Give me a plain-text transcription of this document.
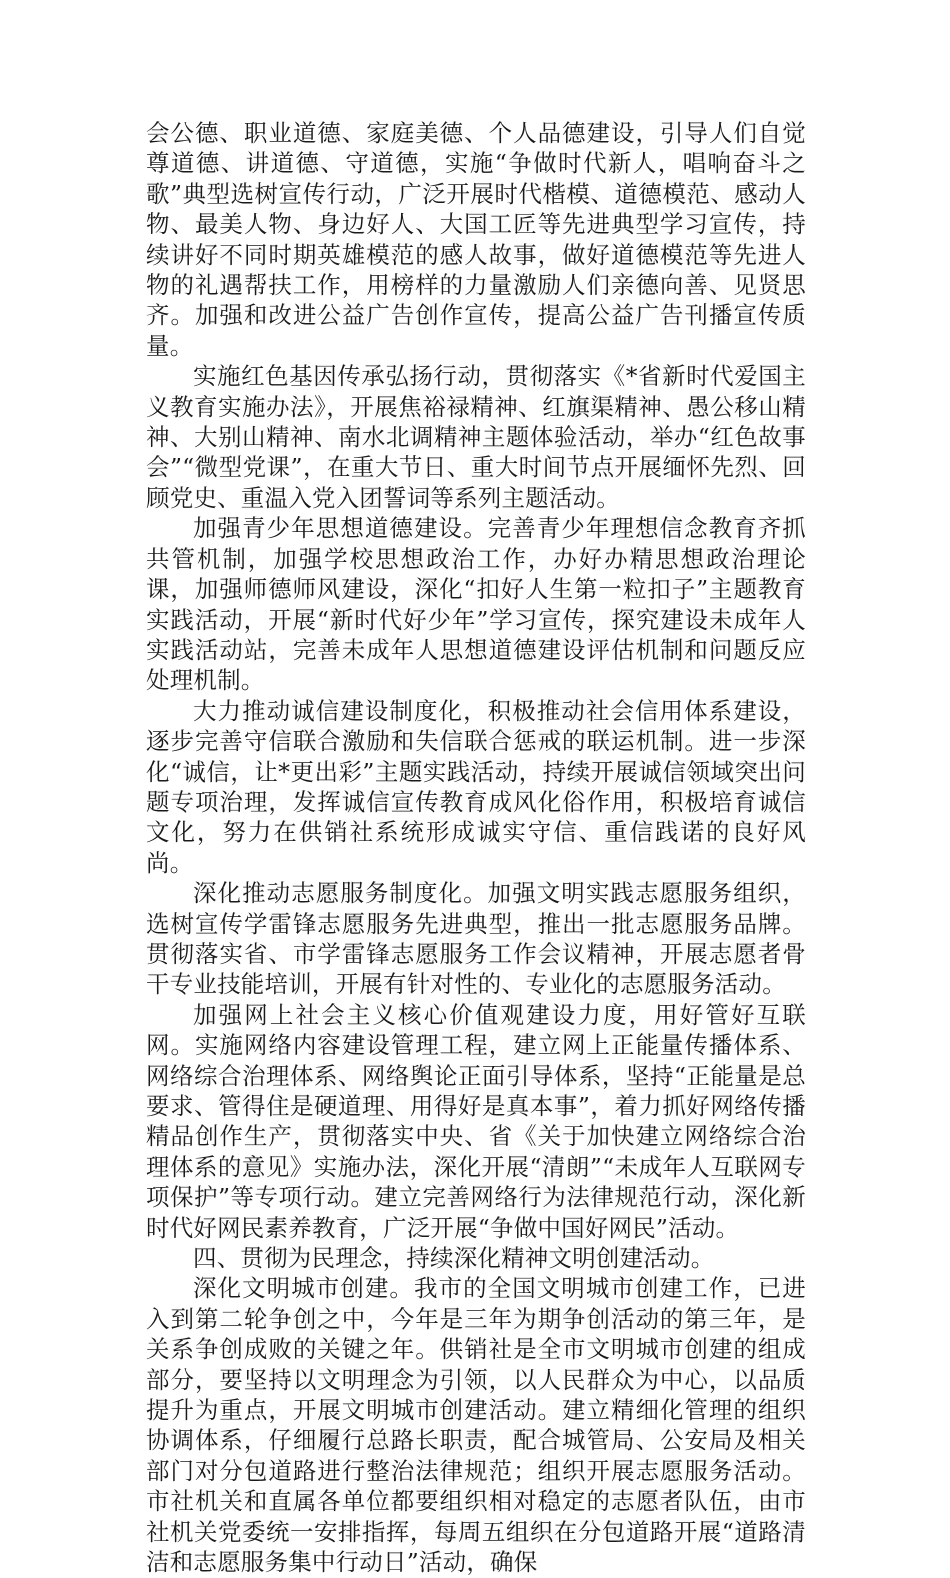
会公德、职业道德、家庭美德、个人品德建设，引导人们自觉尊道德、讲道德、守道德，实施“争做时代新人，唱响奋斗之歌”典型选树宣传行动，广泛开展时代楷模、道德模范、感动人物、最美人物、身边好人、大国工匠等先进典型学习宣传，持续讲好不同时期英雄模范的感人故事，做好道德模范等先进人物的礼遇帮扶工作，用榜样的力量激励人们亲德向善、见贤思齐。加强和改进公益广告创作宣传，提高公益广告刊播宣传质量。

实施红色基因传承弘扬行动，贯彻落实《*省新时代爱国主义教育实施办法》，开展焦裕禄精神、红旗渠精神、愚公移山精神、大别山精神、南水北调精神主题体验活动，举办“红色故事会”“微型党课”，在重大节日、重大时间节点开展缅怀先烈、回顾党史、重温入党入团誓词等系列主题活动。

加强青少年思想道德建设。完善青少年理想信念教育齐抓共管机制，加强学校思想政治工作，办好办精思想政治理论课，加强师德师风建设，深化“扣好人生第一粒扣子”主题教育实践活动，开展“新时代好少年”学习宣传，探究建设未成年人实践活动站，完善未成年人思想道德建设评估机制和问题反应处理机制。

大力推动诚信建设制度化，积极推动社会信用体系建设，逐步完善守信联合激励和失信联合惩戒的联运机制。进一步深化“诚信，让*更出彩”主题实践活动，持续开展诚信领域突出问题专项治理，发挥诚信宣传教育成风化俗作用，积极培育诚信文化，努力在供销社系统形成诚实守信、重信践诺的良好风尚。

深化推动志愿服务制度化。加强文明实践志愿服务组织，选树宣传学雷锋志愿服务先进典型，推出一批志愿服务品牌。贯彻落实省、市学雷锋志愿服务工作会议精神，开展志愿者骨干专业技能培训，开展有针对性的、专业化的志愿服务活动。

加强网上社会主义核心价值观建设力度，用好管好互联网。实施网络内容建设管理工程，建立网上正能量传播体系、网络综合治理体系、网络舆论正面引导体系，坚持“正能量是总要求、管得住是硬道理、用得好是真本事”，着力抓好网络传播精品创作生产，贯彻落实中央、省《关于加快建立网络综合治理体系的意见》实施办法，深化开展“清朗”“未成年人互联网专项保护”等专项行动。建立完善网络行为法律规范行动，深化新时代好网民素养教育，广泛开展“争做中国好网民”活动。

四、贯彻为民理念，持续深化精神文明创建活动。

深化文明城市创建。我市的全国文明城市创建工作，已进入到第二轮争创之中，今年是三年为期争创活动的第三年，是关系争创成败的关键之年。供销社是全市文明城市创建的组成部分，要坚持以文明理念为引领，以人民群众为中心，以品质提升为重点，开展文明城市创建活动。建立精细化管理的组织协调体系，仔细履行总路长职责，配合城管局、公安局及相关部门对分包道路进行整治法律规范；组织开展志愿服务活动。市社机关和直属各单位都要组织相对稳定的志愿者队伍，由市社机关党委统一安排指挥，每周五组织在分包道路开展“道路清洁和志愿服务集中行动日”活动，确保
